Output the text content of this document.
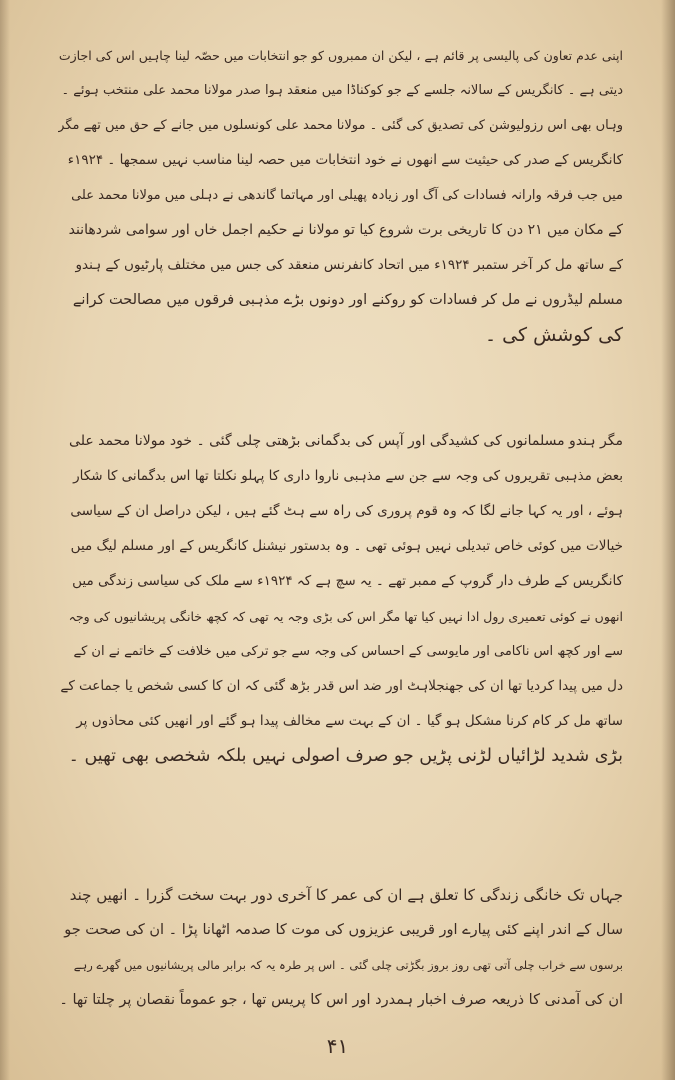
اپنی عدم تعاون کی پالیسی پر قائم ہے ، لیکن ان ممبروں کو جو انتخابات میں حصّہ لینا چاہیں اس کی اجازت
دیتی ہے ۔ کانگریس کے سالانہ جلسے کے جو کوکناڈا میں منعقد ہوا صدر مولانا محمد علی منتخب ہوئے ۔
وہاں بھی اس رزولیوشن کی تصدیق کی گئی ۔ مولانا محمد علی کونسلوں میں جانے کے حق میں تھے مگر
کانگریس کے صدر کی حیثیت سے انھوں نے خود انتخابات میں حصہ لینا مناسب نہیں سمجھا ۔ ۱۹۲۴ء
میں جب فرقہ وارانہ فسادات کی آگ اور زیادہ پھیلی اور مہاتما گاندھی نے دہلی میں مولانا محمد علی
کے مکان میں ۲۱ دن کا تاریخی برت شروع کیا تو مولانا نے حکیم اجمل خاں اور سوامی شردھانند
کے ساتھ مل کر آخر ستمبر ۱۹۲۴ء میں اتحاد کانفرنس منعقد کی جس میں مختلف پارٹیوں کے ہندو
مسلم لیڈروں نے مل کر فسادات کو روکنے اور دونوں بڑے مذہبی فرقوں میں مصالحت کرانے
کی کوشش کی ۔
مگر ہندو مسلمانوں کی کشیدگی اور آپس کی بدگمانی بڑھتی چلی گئی ۔ خود مولانا محمد علی
بعض مذہبی تقریروں کی وجہ سے جن سے مذہبی ناروا داری کا پہلو نکلتا تھا اس بدگمانی کا شکار
ہوئے ، اور یہ کہا جانے لگا کہ وہ قوم پروری کی راہ سے ہٹ گئے ہیں ، لیکن دراصل ان کے سیاسی
خیالات میں کوئی خاص تبدیلی نہیں ہوئی تھی ۔ وہ بدستور نیشنل کانگریس کے اور مسلم لیگ میں
کانگریس کے طرف دار گروپ کے ممبر تھے ۔ یہ سچ ہے کہ ۱۹۲۴ء سے ملک کی سیاسی زندگی میں
انھوں نے کوئی تعمیری رول ادا نہیں کیا تھا مگر اس کی بڑی وجہ یہ تھی کہ کچھ خانگی پریشانیوں کی وجہ
سے اور کچھ اس ناکامی اور مایوسی کے احساس کی وجہ سے جو ترکی میں خلافت کے خاتمے نے ان کے
دل میں پیدا کردیا تھا ان کی جھنجلاہٹ اور ضد اس قدر بڑھ گئی کہ ان کا کسی شخص یا جماعت کے
ساتھ مل کر کام کرنا مشکل ہو گیا ۔ ان کے بہت سے مخالف پیدا ہو گئے اور انھیں کئی محاذوں پر
بڑی شدید لڑائیاں لڑنی پڑیں جو صرف اصولی نہیں بلکہ شخصی بھی تھیں ۔
جہاں تک خانگی زندگی کا تعلق ہے ان کی عمر کا آخری دور بہت سخت گزرا ۔ انھیں چند
سال کے اندر اپنے کئی پیارے اور قریبی عزیزوں کی موت کا صدمہ اٹھانا پڑا ۔ ان کی صحت جو
برسوں سے خراب چلی آتی تھی روز بروز بگڑتی چلی گئی ۔ اس پر طرہ یہ کہ برابر مالی پریشانیوں میں گھرے رہے
ان کی آمدنی کا ذریعہ صرف اخبار ہمدرد اور اس کا پریس تھا ، جو عموماً نقصان پر چلتا تھا ۔
۴۱
